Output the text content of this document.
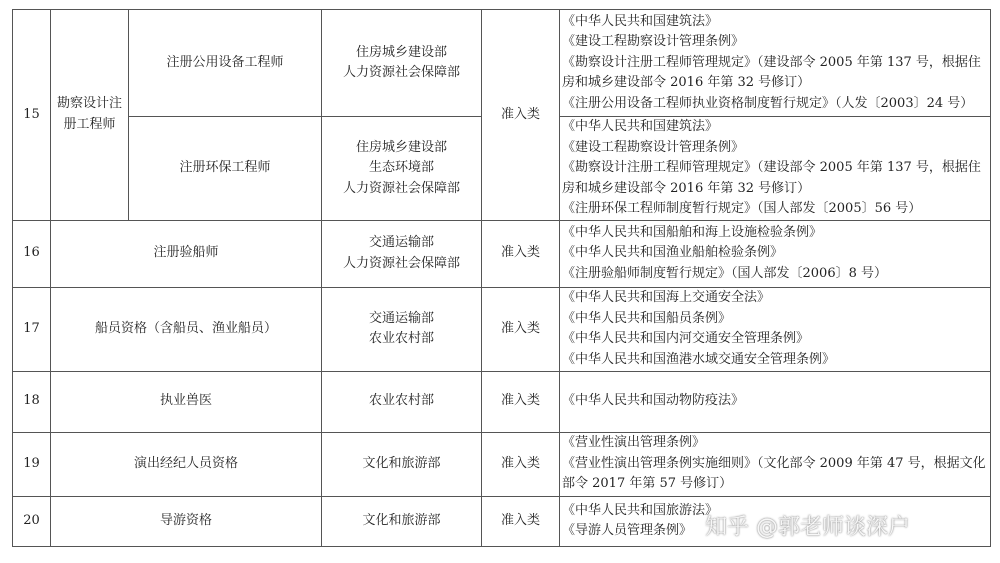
15	勘察设计注册工程师	注册公用设备工程师	住房城乡建设部
人力资源社会保障部	准入类	《中华人民共和国建筑法》
《建设工程勘察设计管理条例》
《勘察设计注册工程师管理规定》（建设部令 2005 年第 137 号，根据住房和城乡建设部令 2016 年第 32 号修订）
《注册公用设备工程师执业资格制度暂行规定》（人发〔2003〕24 号）

		注册环保工程师	住房城乡建设部
生态环境部
人力资源社会保障部		《中华人民共和国建筑法》
《建设工程勘察设计管理条例》
《勘察设计注册工程师管理规定》（建设部令 2005 年第 137 号，根据住房和城乡建设部令 2016 年第 32 号修订）
《注册环保工程师制度暂行规定》（国人部发〔2005〕56 号）

16	注册验船师		交通运输部
人力资源社会保障部	准入类	《中华人民共和国船舶和海上设施检验条例》
《中华人民共和国渔业船舶检验条例》
《注册验船师制度暂行规定》（国人部发〔2006〕8 号）

17	船员资格（含船员、渔业船员）		交通运输部
农业农村部	准入类	《中华人民共和国海上交通安全法》
《中华人民共和国船员条例》
《中华人民共和国内河交通安全管理条例》
《中华人民共和国渔港水域交通安全管理条例》

18	执业兽医		农业农村部	准入类	《中华人民共和国动物防疫法》

19	演出经纪人员资格		文化和旅游部	准入类	《营业性演出管理条例》
《营业性演出管理条例实施细则》（文化部令 2009 年第 47 号，根据文化部令 2017 年第 57 号修订）

20	导游资格		文化和旅游部	准入类	《中华人民共和国旅游法》
《导游人员管理条例》 知乎 @郭老师谈深户
